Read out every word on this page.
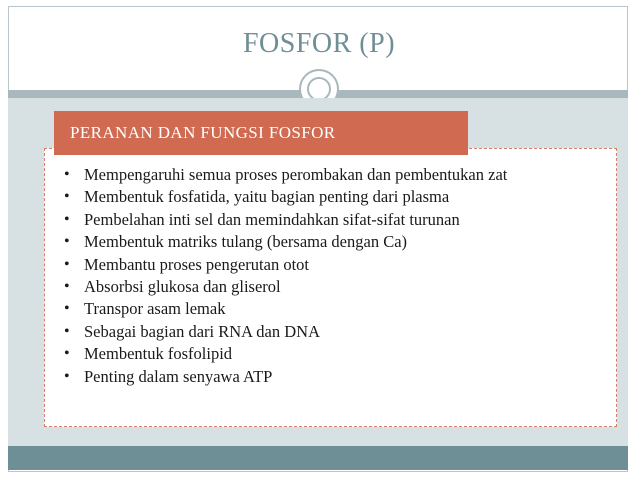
FOSFOR (P)
PERANAN DAN FUNGSI FOSFOR
• Mempengaruhi semua proses perombakan dan pembentukan zat
• Membentuk fosfatida, yaitu bagian penting dari plasma
• Pembelahan inti sel dan memindahkan sifat-sifat turunan
• Membentuk matriks tulang (bersama dengan Ca)
• Membantu proses pengerutan otot
• Absorbsi glukosa dan gliserol
• Transpor asam lemak
• Sebagai bagian dari RNA dan DNA
• Membentuk fosfolipid
• Penting dalam senyawa ATP
